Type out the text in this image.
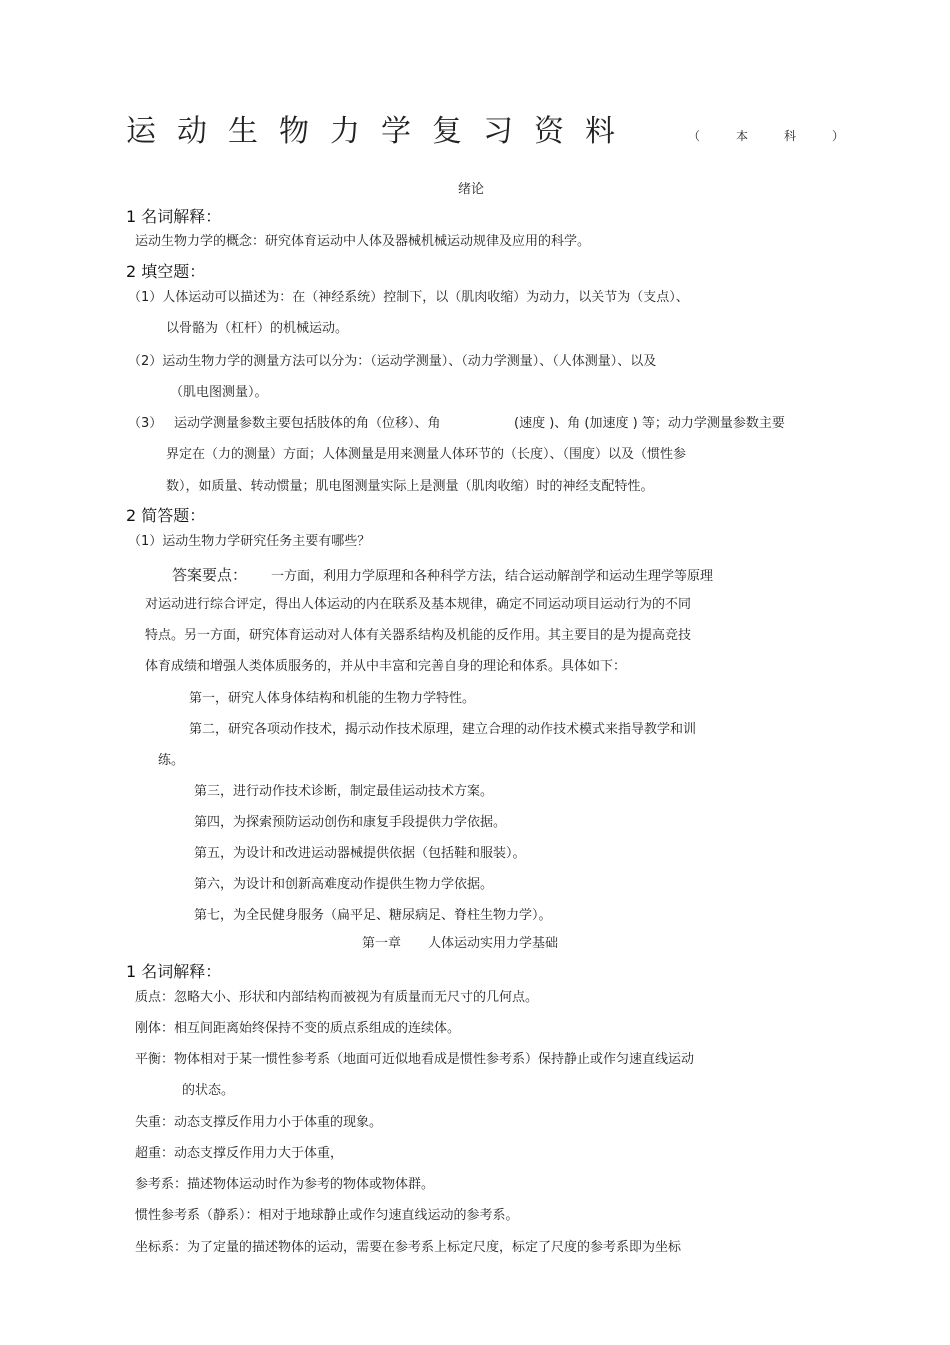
运动生物力学复习资料	（本科）
绪论
1 名词解释：
运动生物力学的概念：研究体育运动中人体及器械机械运动规律及应用的科学。
2 填空题：
（1）人体运动可以描述为：在（神经系统）控制下，以（肌肉收缩）为动力，以关节为（支点）、
以骨骼为（杠杆）的机械运动。
（2）运动生物力学的测量方法可以分为：（运动学测量）、（动力学测量）、（人体测量）、以及
（肌电图测量）。
（3） 运动学测量参数主要包括肢体的角（位移）、角	(速度 )、角 (加速度 ) 等；动力学测量参数主要
界定在（力的测量）方面；人体测量是用来测量人体环节的（长度）、（围度）以及（惯性参
数），如质量、转动惯量；肌电图测量实际上是测量（肌肉收缩）时的神经支配特性。
2 简答题：
（1）运动生物力学研究任务主要有哪些？
答案要点： 一方面，利用力学原理和各种科学方法，结合运动解剖学和运动生理学等原理
对运动进行综合评定，得出人体运动的内在联系及基本规律，确定不同运动项目运动行为的不同
特点。另一方面，研究体育运动对人体有关器系结构及机能的反作用。其主要目的是为提高竞技
体育成绩和增强人类体质服务的，并从中丰富和完善自身的理论和体系。具体如下：
第一，研究人体身体结构和机能的生物力学特性。
第二，研究各项动作技术，揭示动作技术原理，建立合理的动作技术模式来指导教学和训
练。
第三，进行动作技术诊断，制定最佳运动技术方案。
第四，为探索预防运动创伤和康复手段提供力学依据。
第五，为设计和改进运动器械提供依据（包括鞋和服装）。
第六，为设计和创新高难度动作提供生物力学依据。
第七，为全民健身服务（扁平足、糖尿病足、脊柱生物力学）。
第一章 人体运动实用力学基础
1 名词解释：
质点：忽略大小、形状和内部结构而被视为有质量而无尺寸的几何点。
刚体：相互间距离始终保持不变的质点系组成的连续体。
平衡：物体相对于某一惯性参考系（地面可近似地看成是惯性参考系）保持静止或作匀速直线运动
的状态。
失重：动态支撑反作用力小于体重的现象。
超重：动态支撑反作用力大于体重，
参考系：描述物体运动时作为参考的物体或物体群。
惯性参考系（静系）：相对于地球静止或作匀速直线运动的参考系。
坐标系：为了定量的描述物体的运动，需要在参考系上标定尺度，标定了尺度的参考系即为坐标
